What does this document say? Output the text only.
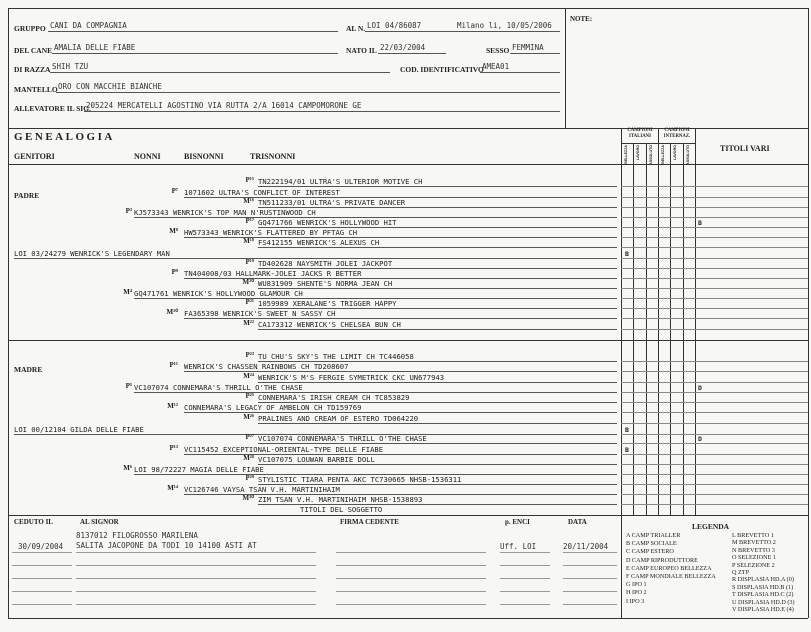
GRUPPO CANI DA COMPAGNIA	AL N. LOI 04/86087	Milano li, 10/05/2006
NOTE:
DEL CANE AMALIA DELLE FIABE	NATO IL 22/03/2004	SESSO FEMMINA
DI RAZZA SHIH TZU	COD. IDENTIFICATIVO
AMEA01
MANTELLO ORO CON MACCHIE BIANCHE
ALLEVATORE IL SIG.
205224 MERCATELLI AGOSTINO VIA RUTTA 2/A 16014 CAMPOMORONE GE
GENEALOGIA
GENITORI	NONNI	BISNONNI	TRISNONNI
CAMPIONI ITALIANI
CAMPIONI INTERNAZ.
TITOLI VARI
BELLEZZA LAVORO ASSOLUTO BELLEZZA LAVORO ASSOLUTO
P¹⁵ TN222194/01 ULTRA'S ULTERIOR MOTIVE CH
P⁷ 1071602 ULTRA'S CONFLICT OF INTEREST
M¹⁶ TN511233/01 ULTRA'S PRIVATE DANCER
P³ KJ573343 WENRICK'S TOP MAN N'RUSTINWOOD CH
P¹⁷ GQ471766 WENRICK'S HOLLYWOOD HIT	B
M⁸ HW573343 WENRICK'S FLATTERED BY PFTAG CH
M¹⁸ FS412155 WENRICK'S ALEXUS CH
LOI 03/24279 WENRICK'S LEGENDARY MAN	B
P¹⁹ TD402628 NAYSMITH JOLEI JACKPOT
P⁹ TN404008/03 HALLMARK-JOLEI JACKS R BETTER
M²⁰ WU831909 SHENTE'S NORMA JEAN CH
M⁴ GQ471761 WENRICK'S HOLLYWOOD GLAMOUR CH
P²¹ 1059989 XERALANE'S TRIGGER HAPPY
M¹⁰ FA365398 WENRICK'S SWEET N SASSY CH
M²² CA173312 WENRICK'S CHELSEA BUN CH
P²³ TU CHU'S SKY'S THE LIMIT CH TC446058
P¹¹ WENRICK'S CHASSEN RAINBOWS CH TD208607
M²⁴ WENRICK'S M'S FERGIE SYMETRICK CKC UN677943
P⁵ VC107074 CONNEMARA'S THRILL O'THE CHASE	D
P²⁵ CONNEMARA'S IRISH CREAM CH TC853829
M¹² CONNEMARA'S LEGACY OF AMBELON CH TD159769
M²⁶ PRALINES AND CREAM OF ESTERO TD064220
LOI 00/12104 GILDA DELLE FIABE	B
P²⁷ VC107074 CONNEMARA'S THRILL O'THE CHASE	D
P¹³ VC115452 EXCEPTIONAL-ORIENTAL-TYPE DELLE FIABE	B
M²⁸ VC107075 LOUWAN BARBIE DOLL
M⁶ LOI 98/72227 MAGIA DELLE FIABE
P²⁹ STYLISTIC TIARA PENTA AKC TC730665 NHSB-1536311
M¹⁴ VC126746 VAYSA TSAN V.H. MARTINIHAIM
M³⁰ ZIM TSAN V.H. MARTINIHAIM NHSB-1538893
PADRE
MADRE
TITOLI DEL SOGGETTO
CEDUTO IL	AL SIGNOR	FIRMA CEDENTE	p. ENCI	DATA
8137012 FILOGROSSO MARILENA
30/09/2004 SALITA JACOPONE DA TODI 10 14100 ASTI AT	Uff. LOI	20/11/2004
LEGENDA
A CAMP TRIALLER
B CAMP SOCIALE
C CAMP ESTERO
D CAMP RIPRODUTTORE
E CAMP EUROPEO BELLEZZA
F CAMP MONDIALE BELLEZZA
G IPO 1
H IPO 2
I IPO 3
L BREVETTO 1
M BREVETTO 2
N BREVETTO 3
O SELEZIONE 1
P SELEZIONE 2
Q ZTP
R DISPLASIA HD.A (0)
S DISPLASIA HD.B (1)
T DISPLASIA HD.C (2)
U DISPLASIA HD.D (3)
V DISPLASIA HD.E (4)
